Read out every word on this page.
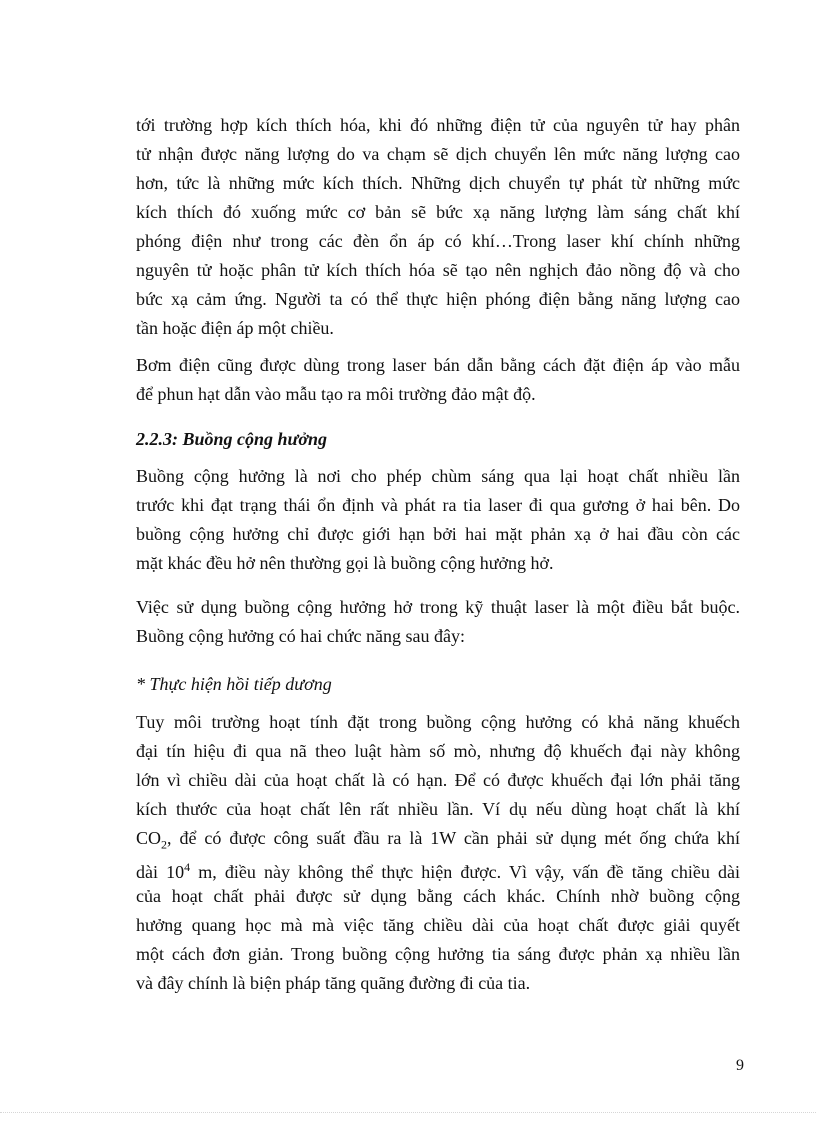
tới trường hợp kích thích hóa, khi đó những điện tử của nguyên tử hay phân
tử nhận được năng lượng do va chạm sẽ dịch chuyển lên mức năng lượng cao
hơn, tức là những mức kích thích. Những dịch chuyển tự phát từ những mức
kích thích đó xuống mức cơ bản sẽ bức xạ năng lượng làm sáng chất khí
phóng điện như trong các đèn ổn áp có khí…Trong laser khí chính những
nguyên tử hoặc phân tử kích thích hóa sẽ tạo nên nghịch đảo nồng độ và cho
bức xạ cảm ứng. Người ta có thể thực hiện phóng điện bằng năng lượng cao
tần hoặc điện áp một chiều.
Bơm điện cũng được dùng trong laser bán dẫn bằng cách đặt điện áp vào mẫu
để phun hạt dẫn vào mẫu tạo ra môi trường đảo mật độ.
2.2.3: Buồng cộng hưởng
Buồng cộng hưởng là nơi cho phép chùm sáng qua lại hoạt chất nhiều lần
trước khi đạt trạng thái ổn định và phát ra tia laser đi qua gương ở hai bên. Do
buồng cộng hưởng chỉ được giới hạn bởi hai mặt phản xạ ở hai đầu còn các
mặt khác đều hở nên thường gọi là buồng cộng hưởng hở.
Việc sử dụng buồng cộng hưởng hở trong kỹ thuật laser là một điều bắt buộc.
Buồng cộng hưởng có hai chức năng sau đây:
* Thực hiện hồi tiếp dương
Tuy môi trường hoạt tính đặt trong buồng cộng hưởng có khả năng khuếch
đại tín hiệu đi qua nã theo luật hàm số mò, nhưng độ khuếch đại này không
lớn vì chiều dài của hoạt chất là có hạn. Để có được khuếch đại lớn phải tăng
kích thước của hoạt chất lên rất nhiều lần. Ví dụ nếu dùng hoạt chất là khí
$CO_2$, để có được công suất đầu ra là 1W cần phải sử dụng mét ống chứa khí
dài $10^4$ m, điều này không thể thực hiện được. Vì vậy, vấn đề tăng chiều dài
của hoạt chất phải được sử dụng bằng cách khác. Chính nhờ buồng cộng
hưởng quang học mà mà việc tăng chiều dài của hoạt chất được giải quyết
một cách đơn giản. Trong buồng cộng hưởng tia sáng được phản xạ nhiều lần
và đây chính là biện pháp tăng quãng đường đi của tia.
9
